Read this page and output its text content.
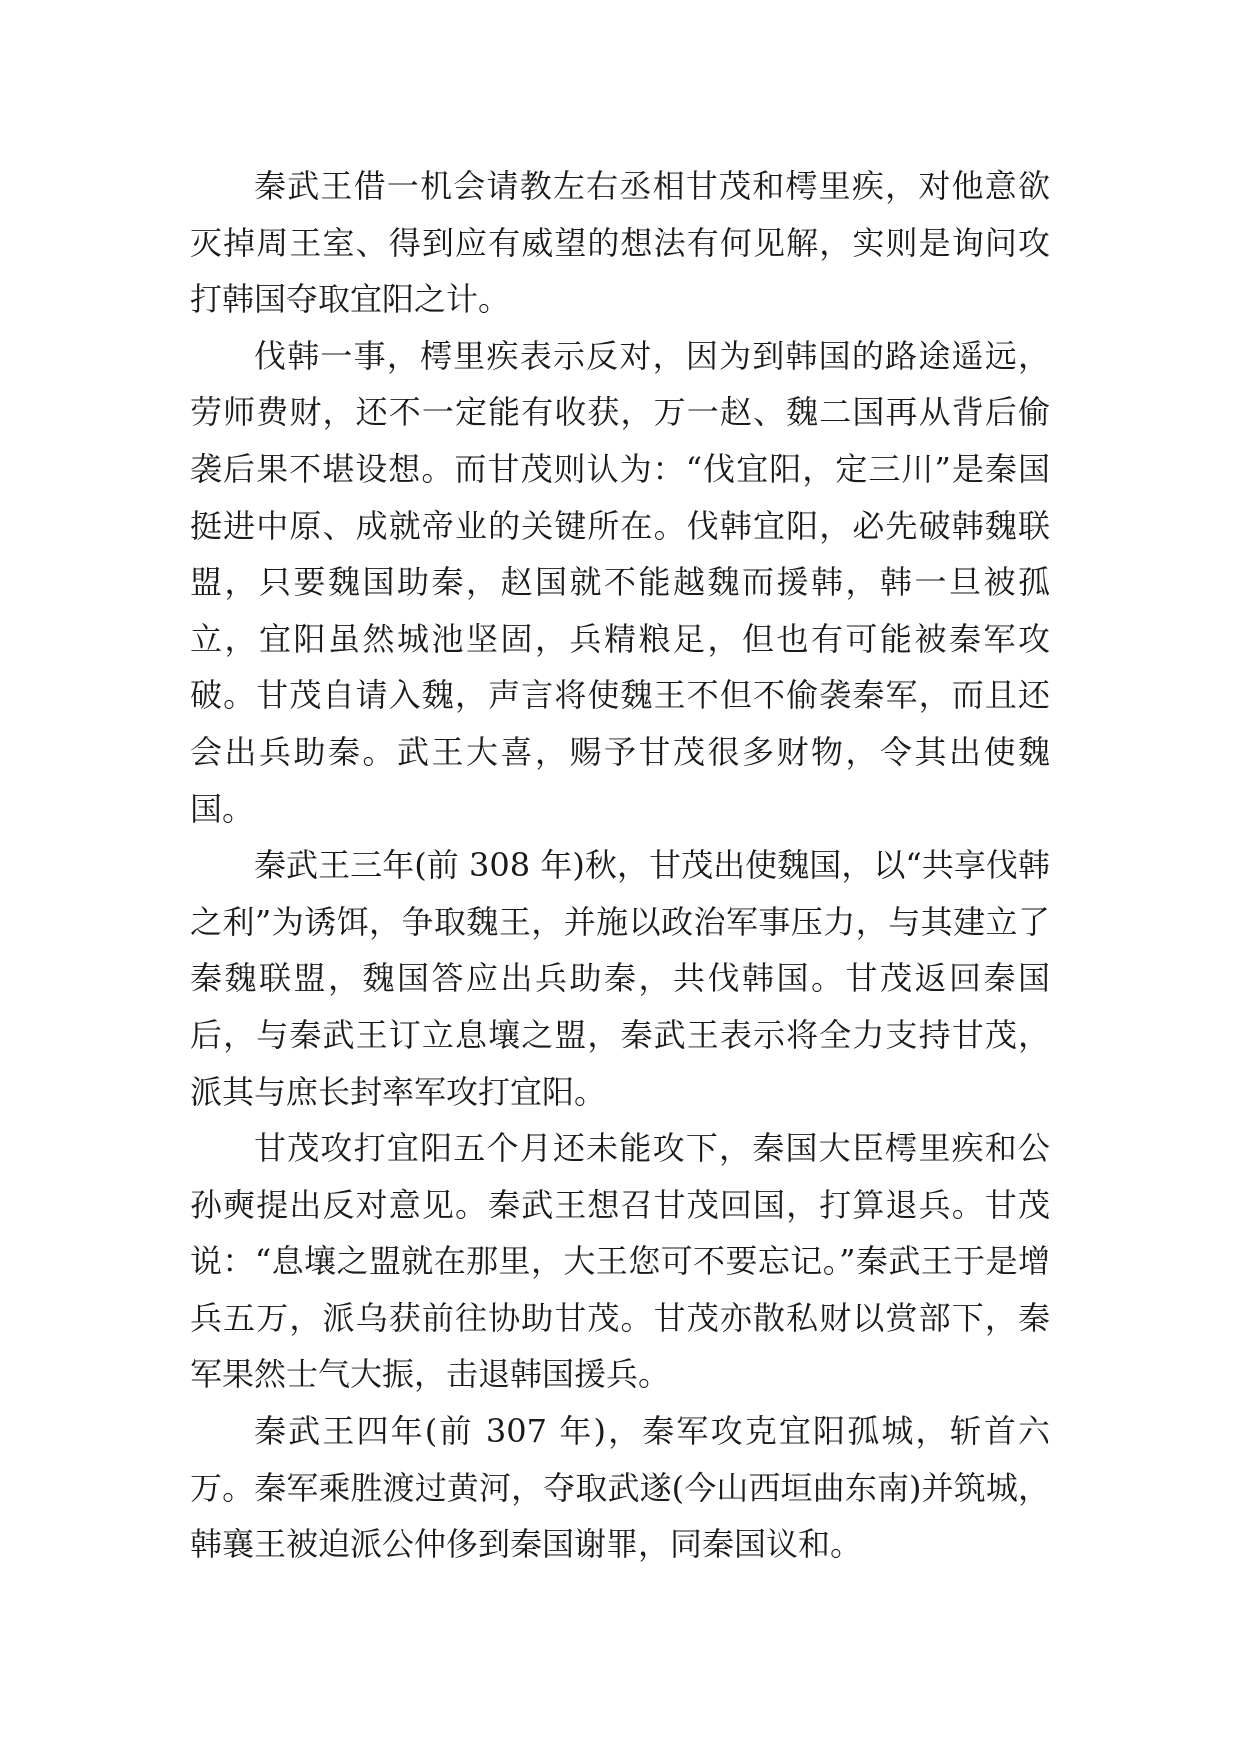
秦武王借一机会请教左右丞相甘茂和樗里疾，对他意欲灭掉周王室、得到应有威望的想法有何见解，实则是询问攻打韩国夺取宜阳之计。

伐韩一事，樗里疾表示反对，因为到韩国的路途遥远，劳师费财，还不一定能有收获，万一赵、魏二国再从背后偷袭后果不堪设想。而甘茂则认为：“伐宜阳，定三川”是秦国挺进中原、成就帝业的关键所在。伐韩宜阳，必先破韩魏联盟，只要魏国助秦，赵国就不能越魏而援韩，韩一旦被孤立，宜阳虽然城池坚固，兵精粮足，但也有可能被秦军攻破。甘茂自请入魏，声言将使魏王不但不偷袭秦军，而且还会出兵助秦。武王大喜，赐予甘茂很多财物，令其出使魏国。

秦武王三年(前 308 年)秋，甘茂出使魏国，以“共享伐韩之利”为诱饵，争取魏王，并施以政治军事压力，与其建立了秦魏联盟，魏国答应出兵助秦，共伐韩国。甘茂返回秦国后，与秦武王订立息壤之盟，秦武王表示将全力支持甘茂，派其与庶长封率军攻打宜阳。

甘茂攻打宜阳五个月还未能攻下，秦国大臣樗里疾和公孙奭提出反对意见。秦武王想召甘茂回国，打算退兵。甘茂说：“息壤之盟就在那里，大王您可不要忘记。”秦武王于是增兵五万，派乌获前往协助甘茂。甘茂亦散私财以赏部下，秦军果然士气大振，击退韩国援兵。

秦武王四年(前 307 年)，秦军攻克宜阳孤城，斩首六万。秦军乘胜渡过黄河，夺取武遂(今山西垣曲东南)并筑城，韩襄王被迫派公仲侈到秦国谢罪，同秦国议和。
